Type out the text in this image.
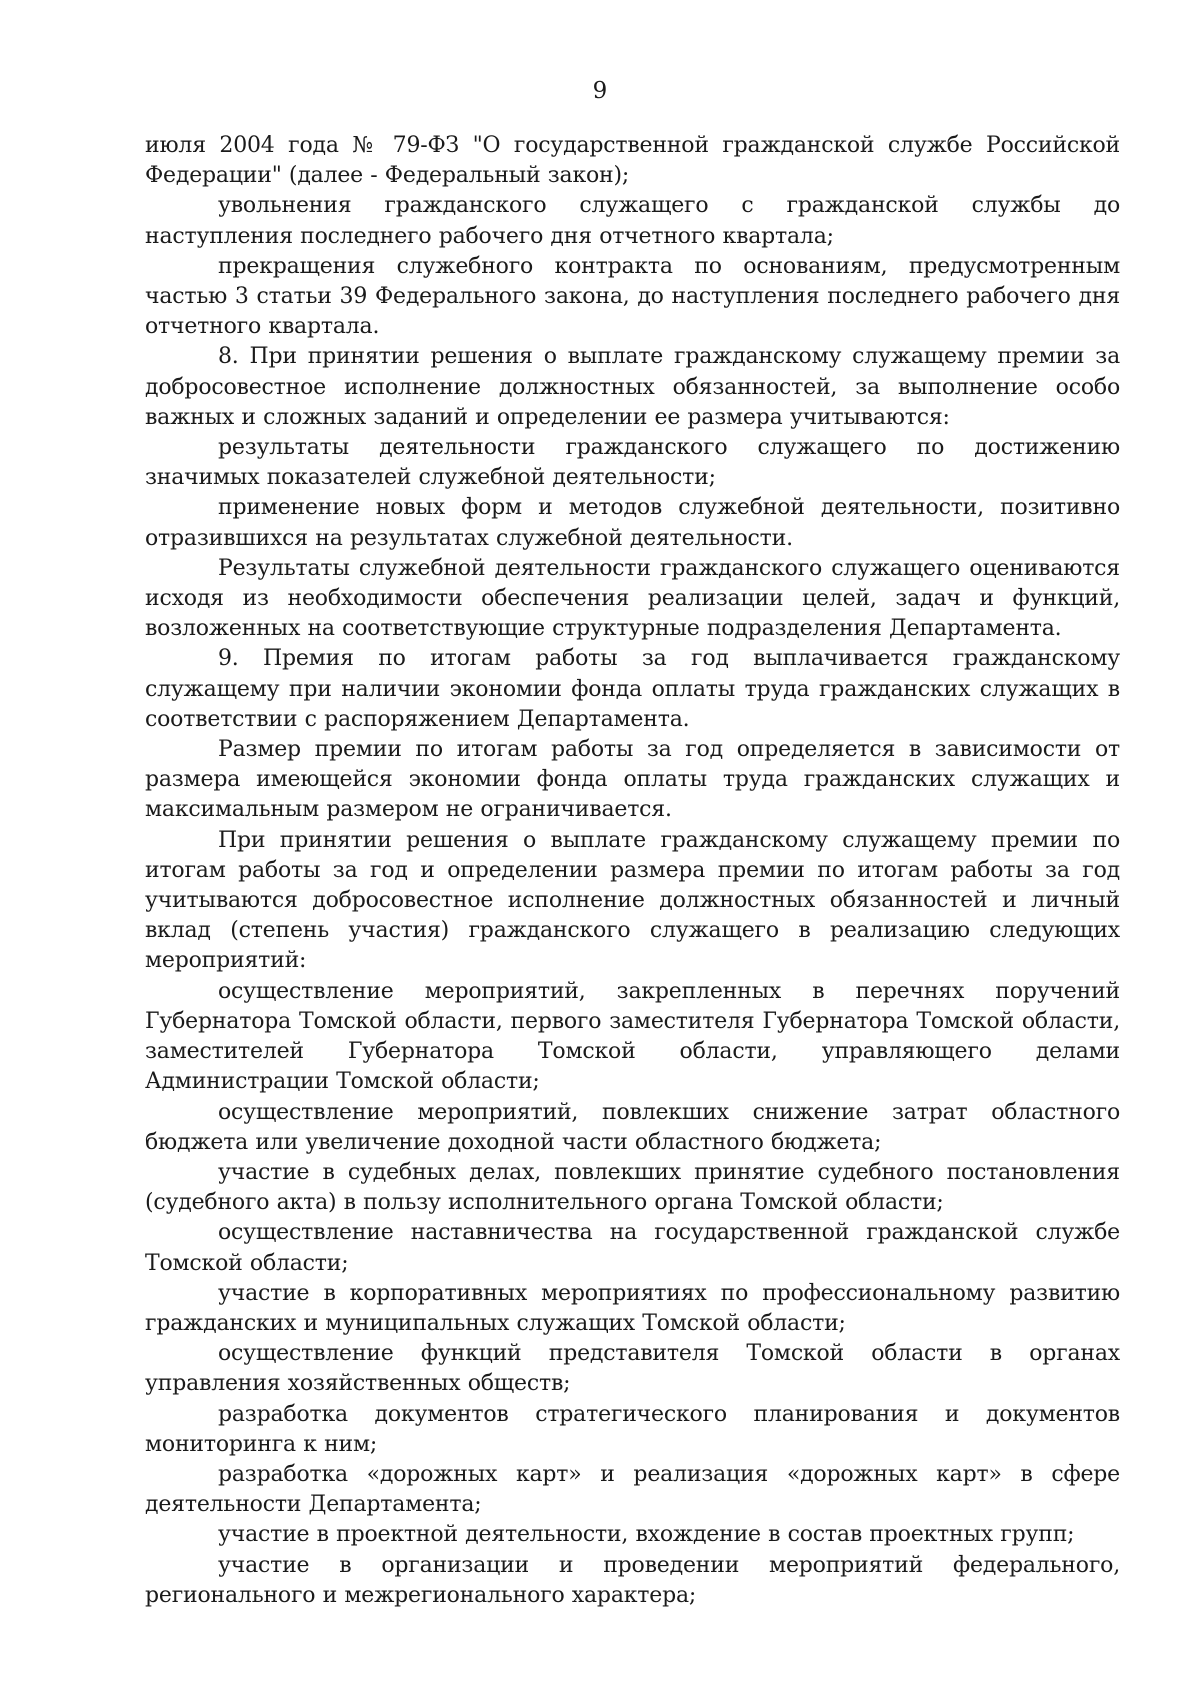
9

июля 2004 года № 79-ФЗ "О государственной гражданской службе Российской Федерации" (далее - Федеральный закон);

увольнения гражданского служащего с гражданской службы до наступления последнего рабочего дня отчетного квартала;

прекращения служебного контракта по основаниям, предусмотренным частью 3 статьи 39 Федерального закона, до наступления последнего рабочего дня отчетного квартала.

8. При принятии решения о выплате гражданскому служащему премии за добросовестное исполнение должностных обязанностей, за выполнение особо важных и сложных заданий и определении ее размера учитываются:

результаты деятельности гражданского служащего по достижению значимых показателей служебной деятельности;

применение новых форм и методов служебной деятельности, позитивно отразившихся на результатах служебной деятельности.

Результаты служебной деятельности гражданского служащего оцениваются исходя из необходимости обеспечения реализации целей, задач и функций, возложенных на соответствующие структурные подразделения Департамента.

9. Премия по итогам работы за год выплачивается гражданскому служащему при наличии экономии фонда оплаты труда гражданских служащих в соответствии с распоряжением Департамента.

Размер премии по итогам работы за год определяется в зависимости от размера имеющейся экономии фонда оплаты труда гражданских служащих и максимальным размером не ограничивается.

При принятии решения о выплате гражданскому служащему премии по итогам работы за год и определении размера премии по итогам работы за год учитываются добросовестное исполнение должностных обязанностей и личный вклад (степень участия) гражданского служащего в реализацию следующих мероприятий:

осуществление мероприятий, закрепленных в перечнях поручений Губернатора Томской области, первого заместителя Губернатора Томской области, заместителей Губернатора Томской области, управляющего делами Администрации Томской области;

осуществление мероприятий, повлекших снижение затрат областного бюджета или увеличение доходной части областного бюджета;

участие в судебных делах, повлекших принятие судебного постановления (судебного акта) в пользу исполнительного органа Томской области;

осуществление наставничества на государственной гражданской службе Томской области;

участие в корпоративных мероприятиях по профессиональному развитию гражданских и муниципальных служащих Томской области;

осуществление функций представителя Томской области в органах управления хозяйственных обществ;

разработка документов стратегического планирования и документов мониторинга к ним;

разработка «дорожных карт» и реализация «дорожных карт» в сфере деятельности Департамента;

участие в проектной деятельности, вхождение в состав проектных групп;

участие в организации и проведении мероприятий федерального, регионального и межрегионального характера;
